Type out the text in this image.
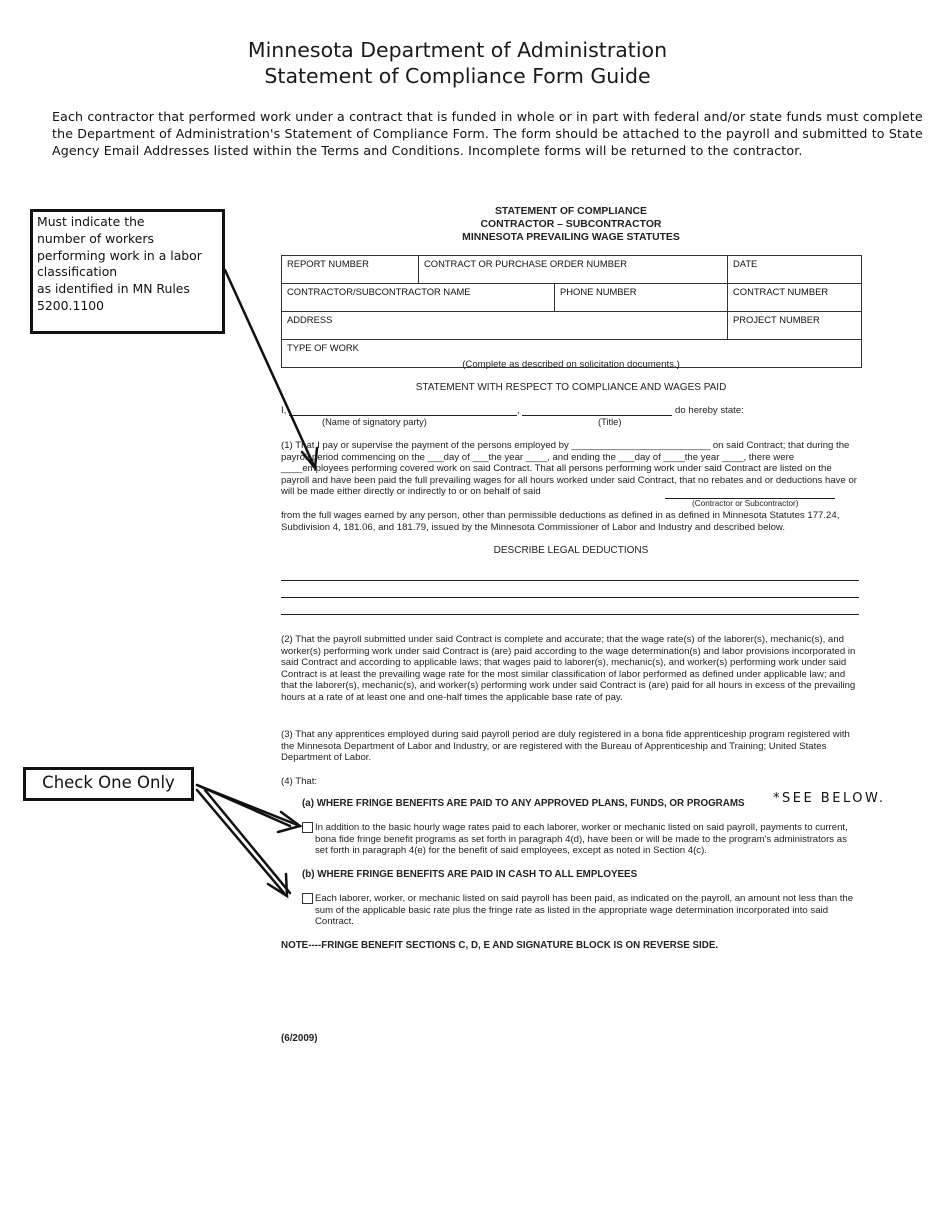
Minnesota Department of Administration
Statement of Compliance Form Guide
Each contractor that performed work under a contract that is funded in whole or in part with federal and/or state funds must complete the Department of Administration's Statement of Compliance Form. The form should be attached to the payroll and submitted to State Agency Email Addresses listed within the Terms and Conditions. Incomplete forms will be returned to the contractor.
Must indicate the
number of workers
performing work in a labor
classification
as identified in MN Rules
5200.1100
Check One Only
STATEMENT OF COMPLIANCE
CONTRACTOR – SUBCONTRACTOR
MINNESOTA PREVAILING WAGE STATUTES
REPORT NUMBER	CONTRACT OR PURCHASE ORDER NUMBER		DATE
CONTRACTOR/SUBCONTRACTOR NAME		PHONE NUMBER	CONTRACT NUMBER
ADDRESS			PROJECT NUMBER
TYPE OF WORK			
(Complete as described on solicitation documents.)
STATEMENT WITH RESPECT TO COMPLIANCE AND WAGES PAID
I,	,	do hereby state:
(Name of signatory party)	(Title)
(1) That I pay or supervise the payment of the persons employed by __________________________ on said Contract; that during the payroll period commencing on the ___day of ___the year ____, and ending the ___day of ____the year ____, there were ____employees performing covered work on said Contract. That all persons performing work under said Contract are listed on the payroll and have been paid the full prevailing wages for all hours worked under said Contract, that no rebates and or deductions have or will be made either directly or indirectly to or on behalf of said
(Contractor or Subcontractor)
from the full wages earned by any person, other than permissible deductions as defined in as defined in Minnesota Statutes 177.24, Subdivision 4, 181.06, and 181.79, issued by the Minnesota Commissioner of Labor and Industry and described below.
DESCRIBE LEGAL DEDUCTIONS
(2) That the payroll submitted under said Contract is complete and accurate; that the wage rate(s) of the laborer(s), mechanic(s), and worker(s) performing work under said Contract is (are) paid according to the wage determination(s) and labor provisions incorporated in said Contract and according to applicable laws; that wages paid to laborer(s), mechanic(s), and worker(s) performing work under said Contract is at least the prevailing wage rate for the most similar classification of labor performed as defined under applicable law; and that the laborer(s), mechanic(s), and worker(s) performing work under said Contract is (are) paid for all hours in excess of the prevailing hours at a rate of at least one and one-half times the applicable base rate of pay.
(3) That any apprentices employed during said payroll period are duly registered in a bona fide apprenticeship program registered with the Minnesota Department of Labor and Industry, or are registered with the Bureau of Apprenticeship and Training; United States Department of Labor.
(4) That:
(a) WHERE FRINGE BENEFITS ARE PAID TO ANY APPROVED PLANS, FUNDS, OR PROGRAMS *SEE BELOW.
In addition to the basic hourly wage rates paid to each laborer, worker or mechanic listed on said payroll, payments to current, bona fide fringe benefit programs as set forth in paragraph 4(d), have been or will be made to the program's administrators as set forth in paragraph 4(e) for the benefit of said employees, except as noted in Section 4(c).
(b) WHERE FRINGE BENEFITS ARE PAID IN CASH TO ALL EMPLOYEES
Each laborer, worker, or mechanic listed on said payroll has been paid, as indicated on the payroll, an amount not less than the sum of the applicable basic rate plus the fringe rate as listed in the appropriate wage determination incorporated into said Contract.
NOTE----FRINGE BENEFIT SECTIONS C, D, E AND SIGNATURE BLOCK IS ON REVERSE SIDE.
(6/2009)
